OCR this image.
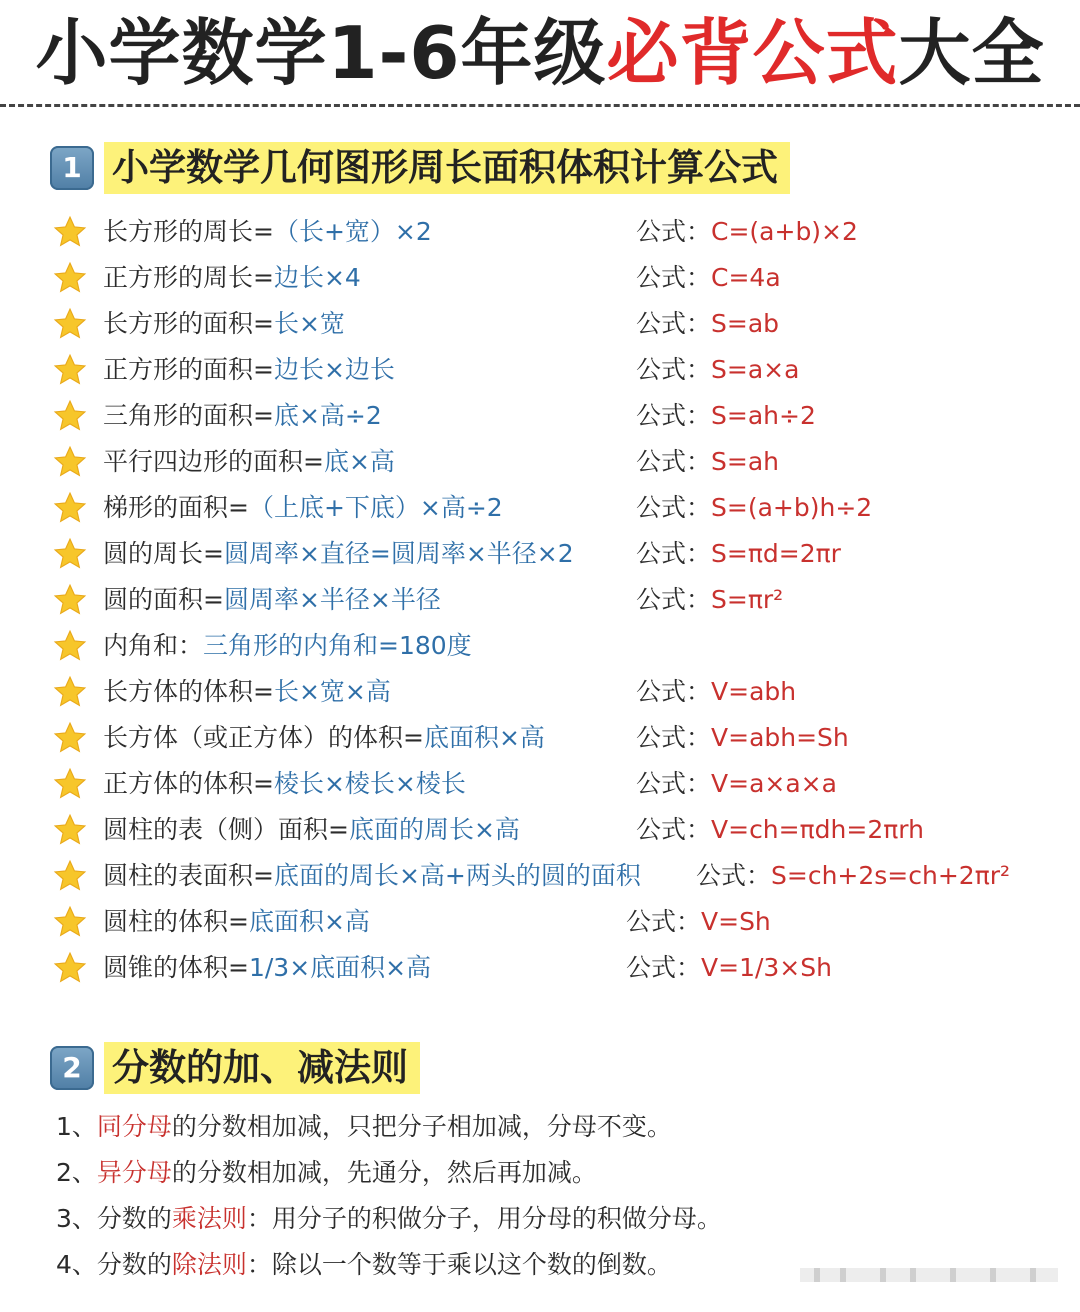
小学数学1-6年级必背公式大全
1 小学数学几何图形周长面积体积计算公式
长方形的周长=（长+宽）×2	公式：C=(a+b)×2
正方形的周长=边长×4	公式：C=4a
长方形的面积=长×宽	公式：S=ab
正方形的面积=边长×边长	公式：S=a×a
三角形的面积=底×高÷2	公式：S=ah÷2
平行四边形的面积=底×高	公式：S=ah
梯形的面积=（上底+下底）×高÷2	公式：S=(a+b)h÷2
圆的周长=圆周率×直径=圆周率×半径×2 公式：S=πd=2πr
圆的面积=圆周率×半径×半径	公式：S=πr²
内角和：三角形的内角和=180度
长方体的体积=长×宽×高	公式：V=abh
长方体（或正方体）的体积=底面积×高	公式：V=abh=Sh
正方体的体积=棱长×棱长×棱长	公式：V=a×a×a
圆柱的表（侧）面积=底面的周长×高	公式：V=ch=πdh=2πrh
圆柱的表面积=底面的周长×高+两头的圆的面积 公式：S=ch+2s=ch+2πr²
圆柱的体积=底面积×高	公式：V=Sh
圆锥的体积=1/3×底面积×高	公式：V=1/3×Sh
2 分数的加、减法则
1、同分母的分数相加减，只把分子相加减，分母不变。
2、异分母的分数相加减，先通分，然后再加减。
3、分数的乘法则：用分子的积做分子，用分母的积做分母。
4、分数的除法则：除以一个数等于乘以这个数的倒数。
